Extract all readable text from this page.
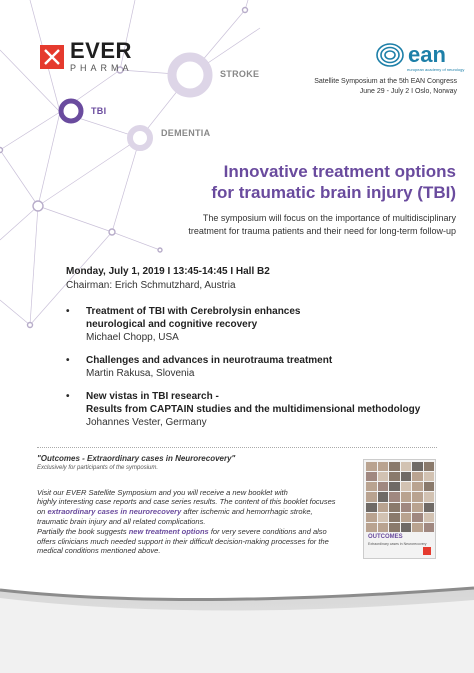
EVER
PHARMA
ean
european academy of neurology
Satellite Symposium at the 5th EAN Congress
June 29 - July 2 I Oslo, Norway
STROKE
TBI
DEMENTIA
Innovative treatment options
for traumatic brain injury (TBI)
The symposium will focus on the importance of multidisciplinary
treatment for trauma patients and their need for long-term follow-up
Monday, July 1, 2019 I 13:45-14:45 I Hall B2
Chairman: Erich Schmutzhard, Austria
• Treatment of TBI with Cerebrolysin enhances
neurological and cognitive recovery
Michael Chopp, USA
• Challenges and advances in neurotrauma treatment
Martin Rakusa, Slovenia
• New vistas in TBI research -
Results from CAPTAIN studies and the multidimensional methodology
Johannes Vester, Germany
"Outcomes - Extraordinary cases in Neurorecovery"
Exclusively for participants of the symposium.
Visit our EVER Satellite Symposium and you will receive a new booklet with
highly interesting case reports and case series results. The content of this booklet focuses
on extraordinary cases in neurorecovery after ischemic and hemorrhagic stroke,
traumatic brain injury and all related complications.
Partially the book suggests new treatment options for very severe conditions and also
offers clinicians much needed support in their difficult decision-making processes for the
medical conditions mentioned above.
OUTCOMES
Extraordinary cases in Neurorecovery
